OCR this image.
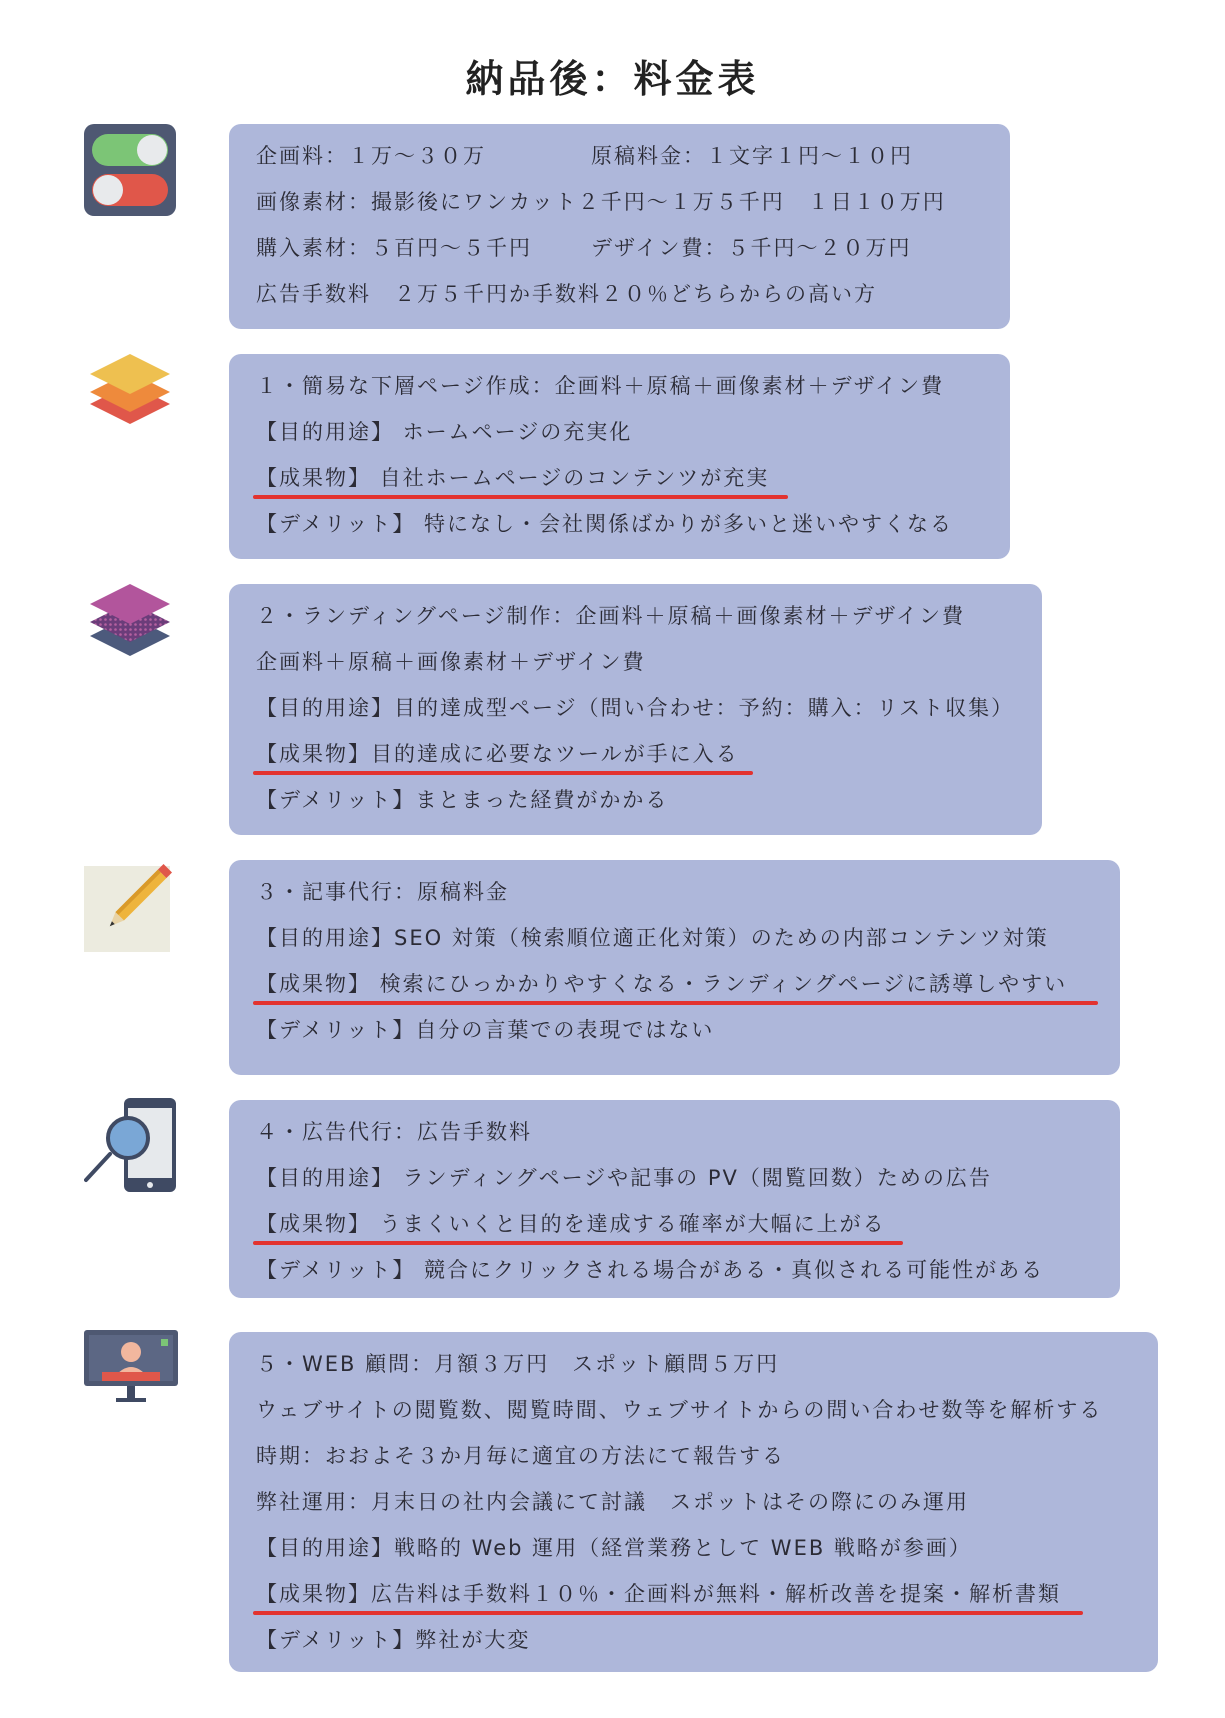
納品後：料金表
企画料：１万～３０万	原稿料金：１文字１円～１０円
画像素材：撮影後にワンカット２千円～１万５千円　１日１０万円
購入素材：５百円～５千円	デザイン費：５千円～２０万円
広告手数料　２万５千円か手数料２０％どちらからの高い方
１・簡易な下層ページ作成：企画料＋原稿＋画像素材＋デザイン費
【目的用途】 ホームページの充実化
【成果物】 自社ホームページのコンテンツが充実
【デメリット】 特になし・会社関係ばかりが多いと迷いやすくなる
２・ランディングページ制作：企画料＋原稿＋画像素材＋デザイン費
企画料＋原稿＋画像素材＋デザイン費
【目的用途】目的達成型ページ（問い合わせ：予約：購入：リスト収集）
【成果物】目的達成に必要なツールが手に入る
【デメリット】まとまった経費がかかる
３・記事代行：原稿料金
【目的用途】SEO 対策（検索順位適正化対策）のための内部コンテンツ対策
【成果物】 検索にひっかかりやすくなる・ランディングページに誘導しやすい
【デメリット】自分の言葉での表現ではない
４・広告代行：広告手数料
【目的用途】 ランディングページや記事の PV（閲覧回数）ための広告
【成果物】 うまくいくと目的を達成する確率が大幅に上がる
【デメリット】 競合にクリックされる場合がある・真似される可能性がある
５・WEB 顧問：月額３万円　スポット顧問５万円
ウェブサイトの閲覧数、閲覧時間、ウェブサイトからの問い合わせ数等を解析する
時期：おおよそ３か月毎に適宜の方法にて報告する
弊社運用：月末日の社内会議にて討議　スポットはその際にのみ運用
【目的用途】戦略的 Web 運用（経営業務として WEB 戦略が参画）
【成果物】広告料は手数料１０％・企画料が無料・解析改善を提案・解析書類
【デメリット】弊社が大変
